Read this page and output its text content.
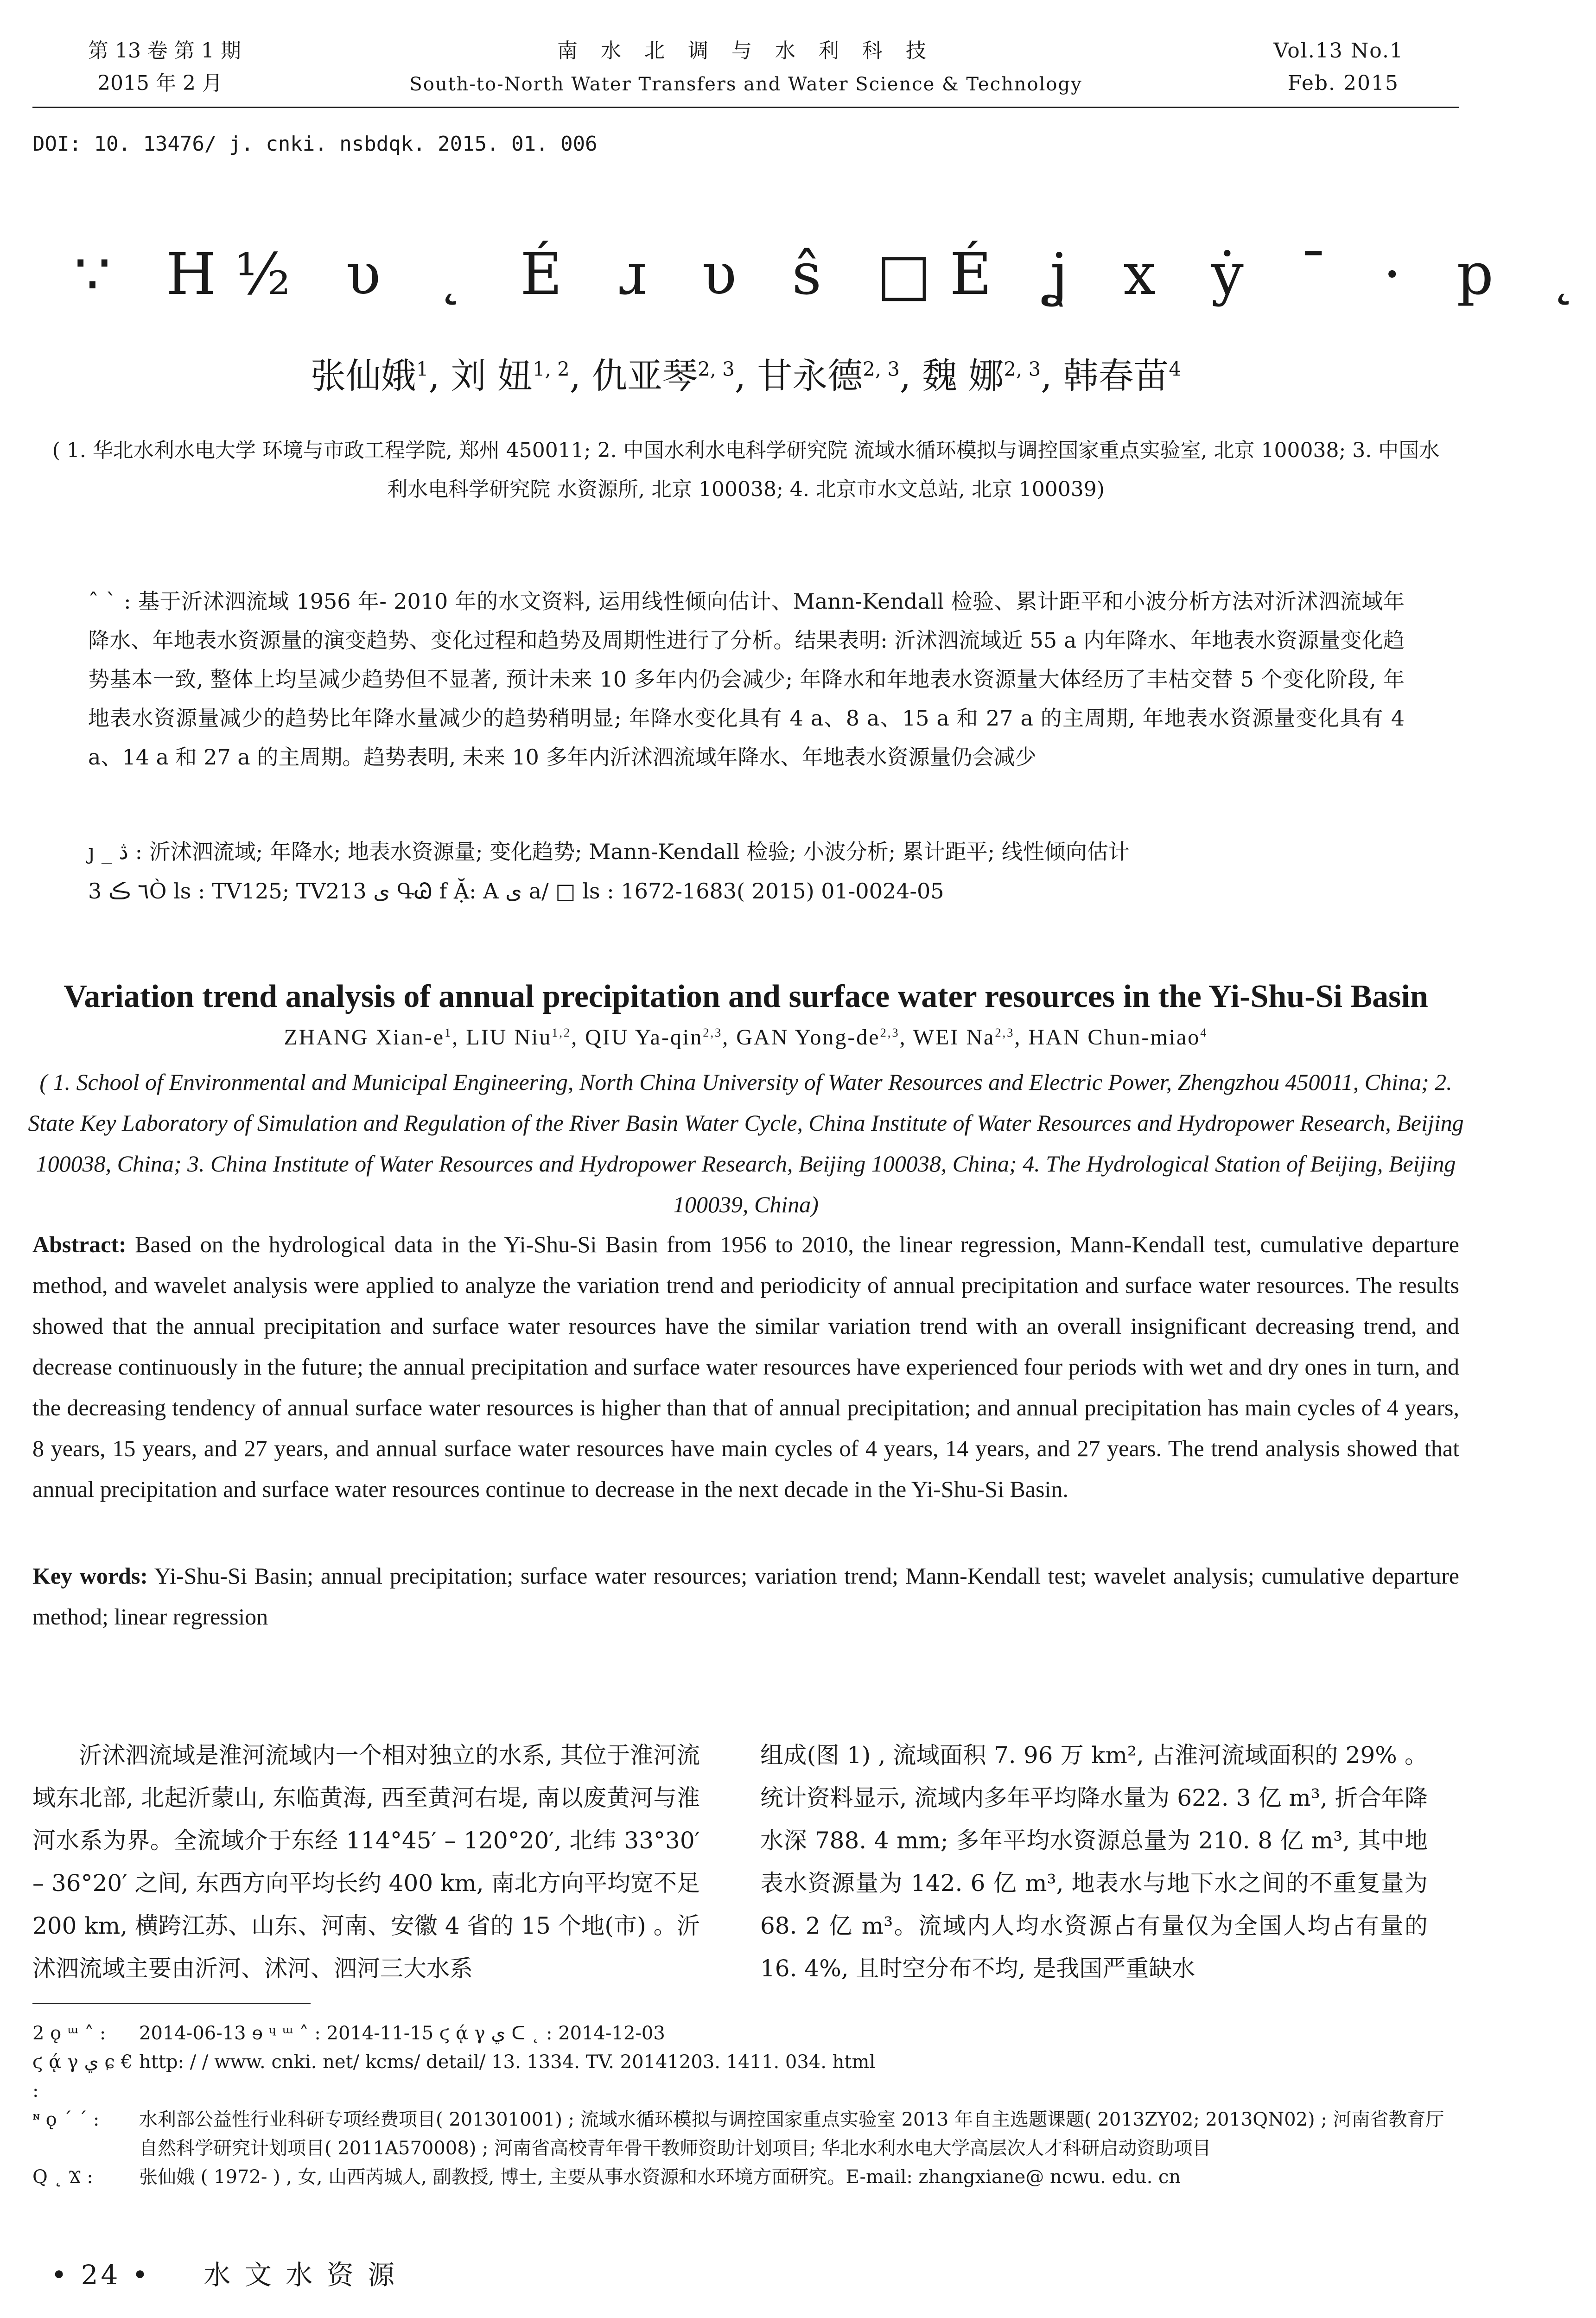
第 13 卷 第 1 期
2015 年 2 月
南 水 北 调 与 水 利 科 技
South-to-North Water Transfers and Water Science & Technology
Vol.13 No.1
Feb. 2015
DOI: 10. 13476/ j. cnki. nsbdqk. 2015. 01. 006
∵ H½ υ ˛ É ɹ υ ŝ □É ʝ x ẏ ¯ · p ˛
张仙娥$^1$, 刘 妞$^{1, 2}$, 仇亚琴$^{2, 3}$, 甘永德$^{2, 3}$, 魏 娜$^{2, 3}$, 韩春苗$^4$
( 1. 华北水利水电大学 环境与市政工程学院, 郑州 450011; 2. 中国水利水电科学研究院 流域水循环模拟与调控国家重点实验室, 北京 100038; 3. 中国水利水电科学研究院 水资源所, 北京 100038; 4. 北京市水文总站, 北京 100039)
ˆ ˋ : 基于沂沭泗流域 1956 年- 2010 年的水文资料, 运用线性倾向估计、Mann-Kendall 检验、累计距平和小波分析方法对沂沭泗流域年降水、年地表水资源量的演变趋势、变化过程和趋势及周期性进行了分析。结果表明: 沂沭泗流域近 55 a 内年降水、年地表水资源量变化趋势基本一致, 整体上均呈减少趋势但不显著, 预计未来 10 多年内仍会减少; 年降水和年地表水资源量大体经历了丰枯交替 5 个变化阶段, 年地表水资源量减少的趋势比年降水量减少的趋势稍明显; 年降水变化具有 4 a、8 a、15 a 和 27 a 的主周期, 年地表水资源量变化具有 4 a、14 a 和 27 a 的主周期。趋势表明, 未来 10 多年内沂沭泗流域年降水、年地表水资源量仍会减少
ȷ _ ڎ : 沂沭泗流域; 年降水; 地表水资源量; 变化趋势; Mann-Kendall 检验; 小波分析; 累计距平; 线性倾向估计
3 ٦ ڪÒ ls : TV125; TV213 ى ԳᏊ f Ặ: A ى a/ □ ls : 1672-1683( 2015) 01-0024-05
Variation trend analysis of annual precipitation and surface water resources in the Yi-Shu-Si Basin
ZHANG Xian-$e^1$, LIU Niu$^{1,2}$, QIU Ya-qin$^{2,3}$, GAN Yong-de$^{2,3}$, WEI Na$^{2,3}$, HAN Chun-miao$^4$
( 1. School of Environmental and Municipal Engineering, North China University of Water Resources and Electric Power, Zhengzhou 450011, China; 2. State Key Laboratory of Simulation and Regulation of the River Basin Water Cycle, China Institute of Water Resources and Hydropower Research, Beijing 100038, China; 3. China Institute of Water Resources and Hydropower Research, Beijing 100038, China; 4. The Hydrological Station of Beijing, Beijing 100039, China)
Abstract: Based on the hydrological data in the Yi-Shu-Si Basin from 1956 to 2010, the linear regression, Mann-Kendall test, cumulative departure method, and wavelet analysis were applied to analyze the variation trend and periodicity of annual precipitation and surface water resources. The results showed that the annual precipitation and surface water resources have the similar variation trend with an overall insignificant decreasing trend, and decrease continuously in the future; the annual precipitation and surface water resources have experienced four periods with wet and dry ones in turn, and the decreasing tendency of annual surface water resources is higher than that of annual precipitation; and annual precipitation has main cycles of 4 years, 8 years, 15 years, and 27 years, and annual surface water resources have main cycles of 4 years, 14 years, and 27 years. The trend analysis showed that annual precipitation and surface water resources continue to decrease in the next decade in the Yi-Shu-Si Basin.
Key words: Yi-Shu-Si Basin; annual precipitation; surface water resources; variation trend; Mann-Kendall test; wavelet analysis; cumulative departure method; linear regression

沂沭泗流域是淮河流域内一个相对独立的水系, 其位于淮河流域东北部, 北起沂蒙山, 东临黄海, 西至黄河右堤, 南以废黄河与淮河水系为界。全流域介于东经 114°45′ – 120°20′, 北纬 33°30′ – 36°20′ 之间, 东西方向平均长约 400 km, 南北方向平均宽不足 200 km, 横跨江苏、山东、河南、安徽 4 省的 15 个地(市) 。沂沭泗流域主要由沂河、沭河、泗河三大水系

组成(图 1) , 流域面积 7. 96 万 km², 占淮河流域面积的 29% 。统计资料显示, 流域内多年平均降水量为 622. 3 亿 m³, 折合年降水深 788. 4 mm; 多年平均水资源总量为 210. 8 亿 m³, 其中地表水资源量为 142. 6 亿 m³, 地表水与地下水之间的不重复量为 68. 2 亿 m³。流域内人均水资源占有量仅为全国人均占有量的 16. 4%, 且时空分布不均, 是我国严重缺水

2 ǫ ᵚ ˄ :	2014-06-13 ɘ ᶣ ᵚ ˄ : 2014-11-15 ϛ ᾴ γ ي ᑕ ˛ : 2014-12-03
ϛ ᾴ γ ي ɕ € :
http: / / www. cnki. net/ kcms/ detail/ 13. 1334. TV. 20141203. 1411. 034. html
ᶰ ǫ ˊ ˊ :	水利部公益性行业科研专项经费项目( 201301001) ; 流域水循环模拟与调控国家重点实验室 2013 年自主选题课题( 2013ZY02; 2013QN02) ; 河南省教育厅自然科学研究计划项目( 2011A570008) ; 河南省高校青年骨干教师资助计划项目; 华北水利水电大学高层次人才科研启动资助项目
Q ˛ Ϫ :	张仙娥 ( 1972- ) , 女, 山西芮城人, 副教授, 博士, 主要从事水资源和水环境方面研究。E-mail: zhangxiane@ ncwu. edu. cn
• 24 • 水 文 水 资 源
